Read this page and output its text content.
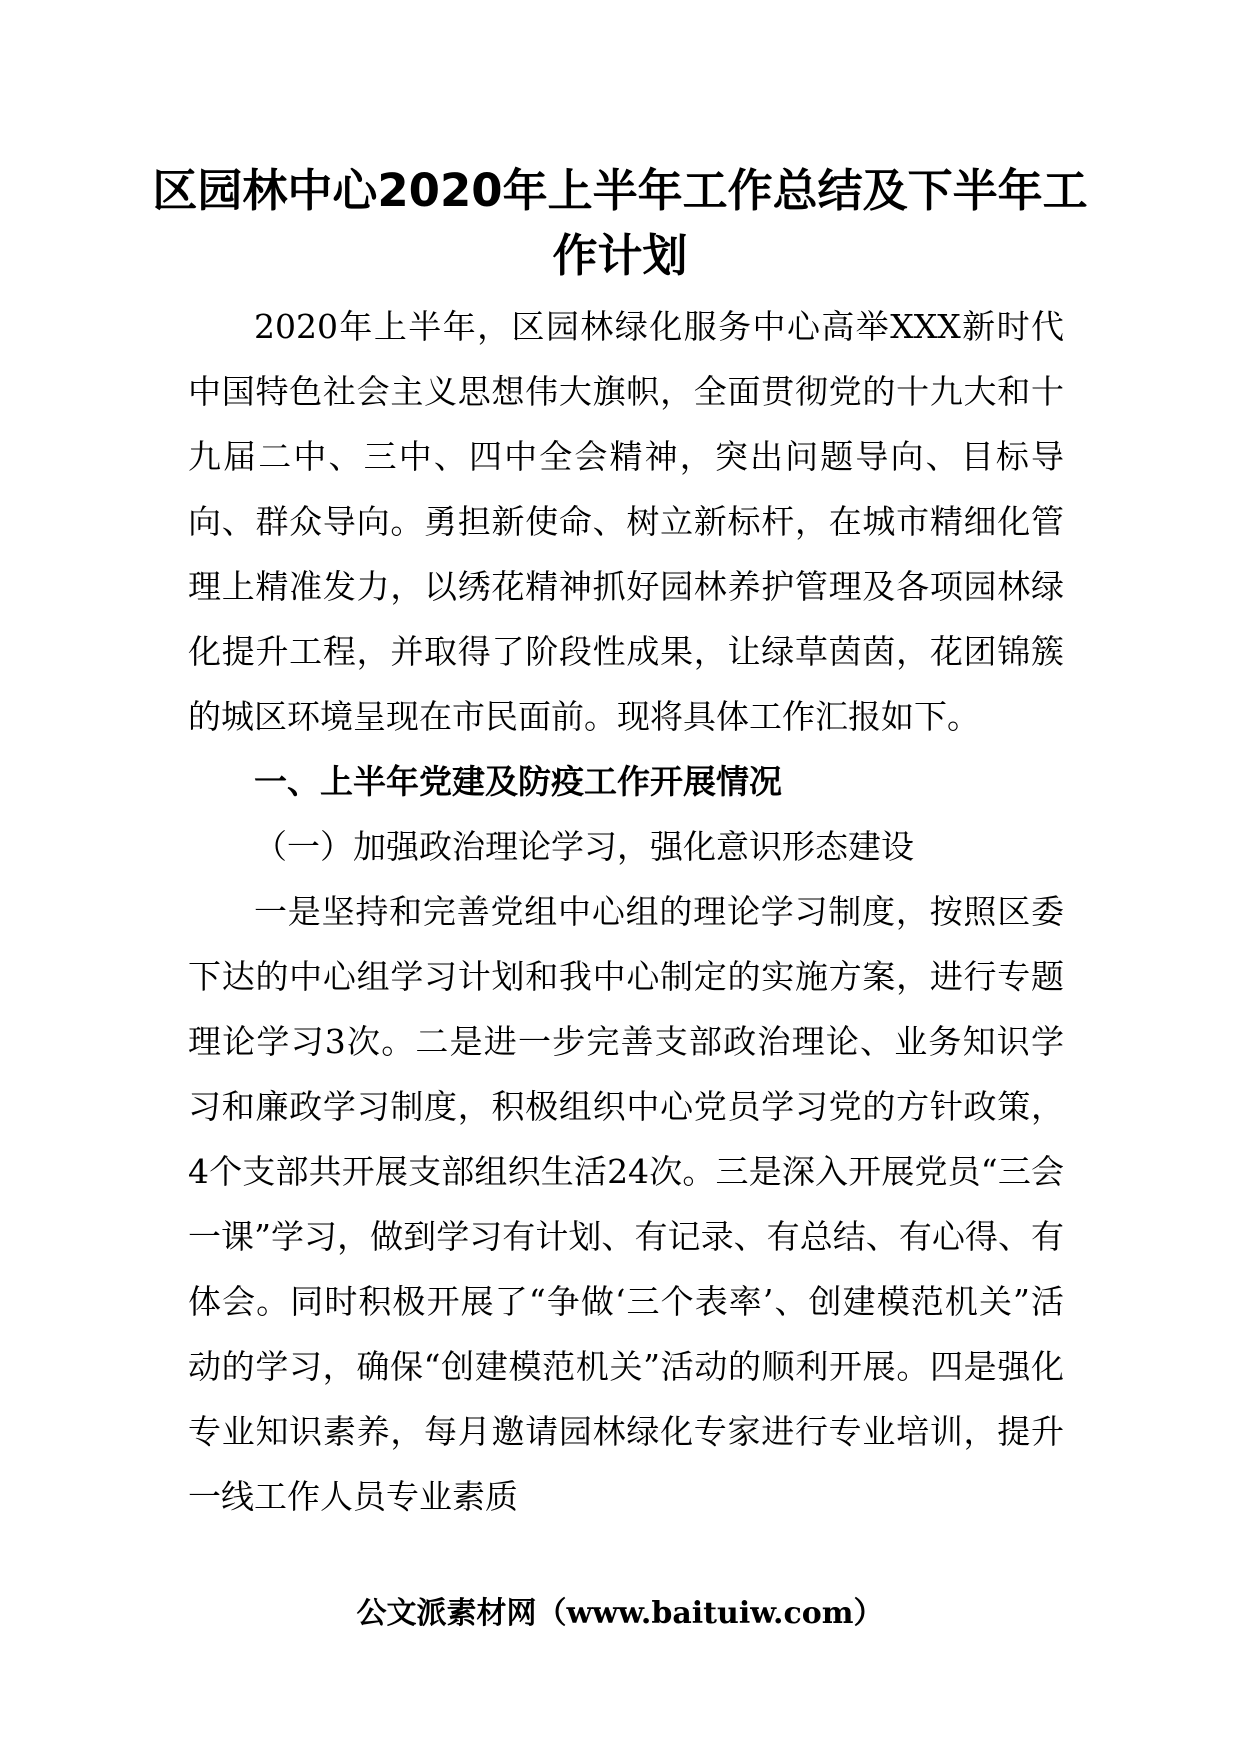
区园林中心2020年上半年工作总结及下半年工作计划

2020年上半年，区园林绿化服务中心高举XXX新时代中国特色社会主义思想伟大旗帜，全面贯彻党的十九大和十九届二中、三中、四中全会精神，突出问题导向、目标导向、群众导向。勇担新使命、树立新标杆，在城市精细化管理上精准发力，以绣花精神抓好园林养护管理及各项园林绿化提升工程，并取得了阶段性成果，让绿草茵茵，花团锦簇的城区环境呈现在市民面前。现将具体工作汇报如下。

一、上半年党建及防疫工作开展情况

（一）加强政治理论学习，强化意识形态建设

一是坚持和完善党组中心组的理论学习制度，按照区委下达的中心组学习计划和我中心制定的实施方案，进行专题理论学习3次。二是进一步完善支部政治理论、业务知识学习和廉政学习制度，积极组织中心党员学习党的方针政策，4个支部共开展支部组织生活24次。三是深入开展党员“三会一课”学习，做到学习有计划、有记录、有总结、有心得、有体会。同时积极开展了“争做‘三个表率’、创建模范机关”活动的学习，确保“创建模范机关”活动的顺利开展。四是强化专业知识素养，每月邀请园林绿化专家进行专业培训，提升一线工作人员专业素质

公文派素材网（www.baituiw.com）
